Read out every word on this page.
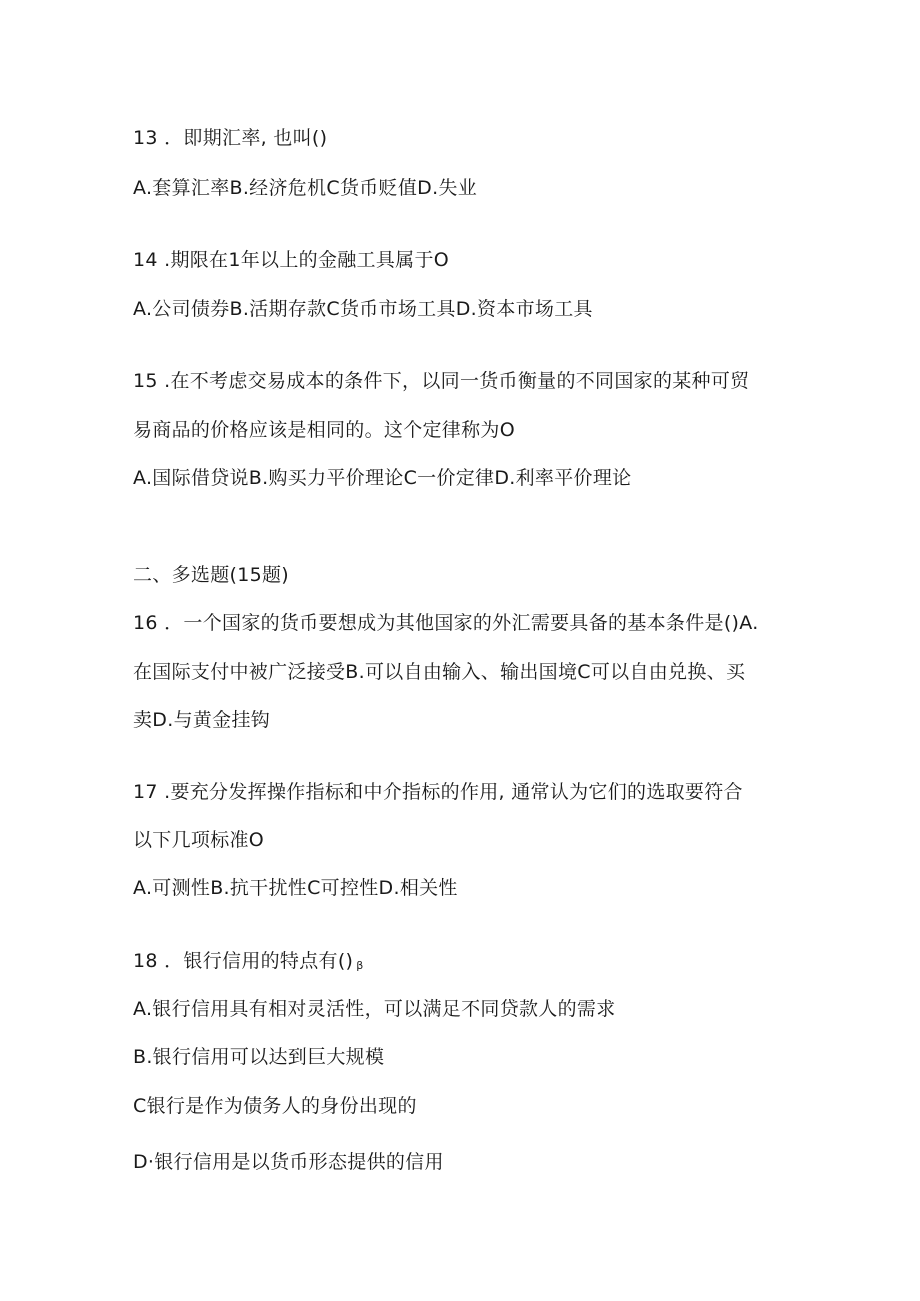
13 ．即期汇率, 也叫()
A.套算汇率B.经济危机C货币贬值D.失业
14 .期限在1年以上的金融工具属于O
A.公司债券B.活期存款C货币市场工具D.资本市场工具
15 .在不考虑交易成本的条件下，以同一货币衡量的不同国家的某种可贸
易商品的价格应该是相同的。这个定律称为O
A.国际借贷说B.购买力平价理论C一价定律D.利率平价理论
二、多选题(15题)
16 ．一个国家的货币要想成为其他国家的外汇需要具备的基本条件是()A.
在国际支付中被广泛接受B.可以自由输入、输出国境C可以自由兑换、买
卖D.与黄金挂钩
17 .要充分发挥操作指标和中介指标的作用, 通常认为它们的选取要符合
以下几项标准O
A.可测性B.抗干扰性C可控性D.相关性
18 ．银行信用的特点有() β
A.银行信用具有相对灵活性，可以满足不同贷款人的需求
B.银行信用可以达到巨大规模
C银行是作为债务人的身份出现的
D·银行信用是以货币形态提供的信用
